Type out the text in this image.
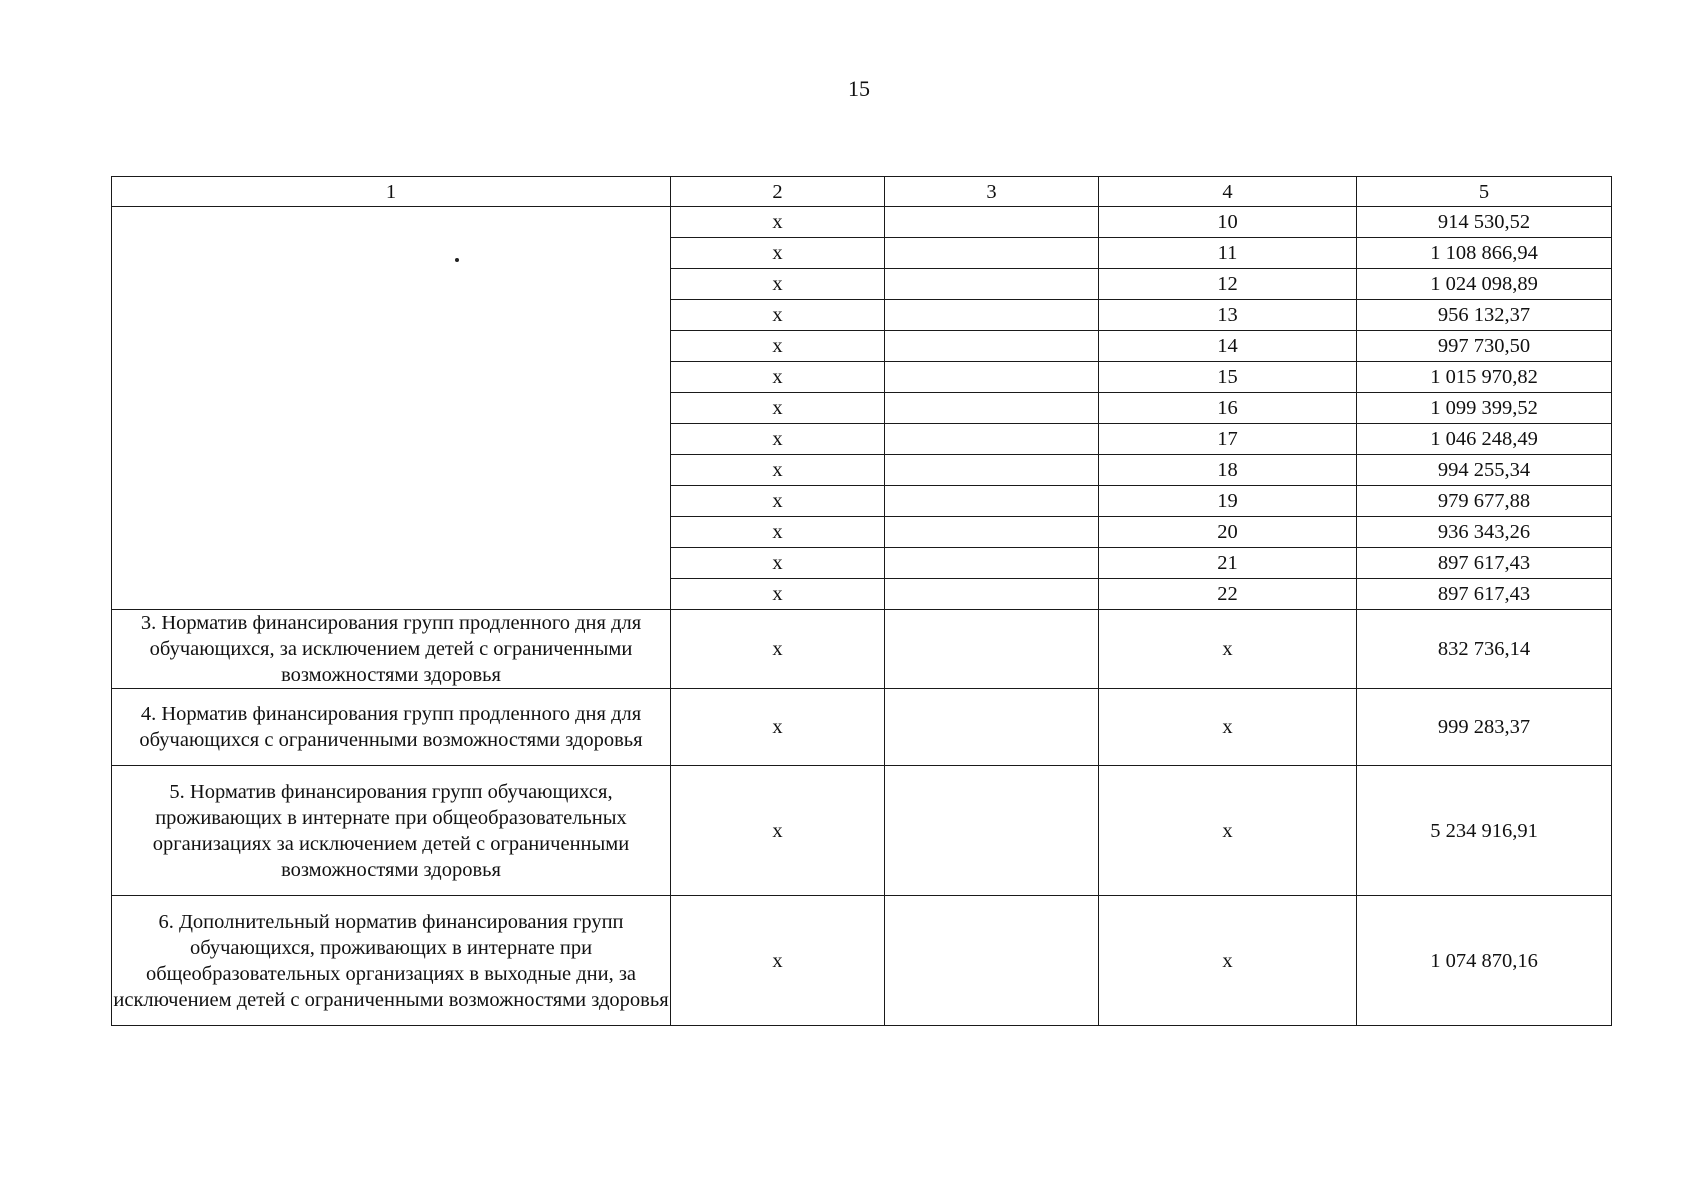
15
1	2	3	4	5
	х		10	914 530,52
	х		11	1 108 866,94
	х		12	1 024 098,89
	х		13	956 132,37
	х		14	997 730,50
	х		15	1 015 970,82
	х		16	1 099 399,52
	х		17	1 046 248,49
	х		18	994 255,34
	х		19	979 677,88
	х		20	936 343,26
	х		21	897 617,43
	х		22	897 617,43
3. Норматив финансирования групп продленного дня для обучающихся, за исключением детей с ограниченными возможностями здоровья	х		х	832 736,14
4. Норматив финансирования групп продленного дня для обучающихся с ограниченными возможностями здоровья	х		х	999 283,37
5. Норматив финансирования групп обучающихся, проживающих в интернате при общеобразовательных организациях за исключением детей с ограниченными возможностями здоровья	х		х	5 234 916,91
6. Дополнительный норматив финансирования групп обучающихся, проживающих в интернате при общеобразовательных организациях в выходные дни, за исключением детей с ограниченными возможностями здоровья	х		х	1 074 870,16
